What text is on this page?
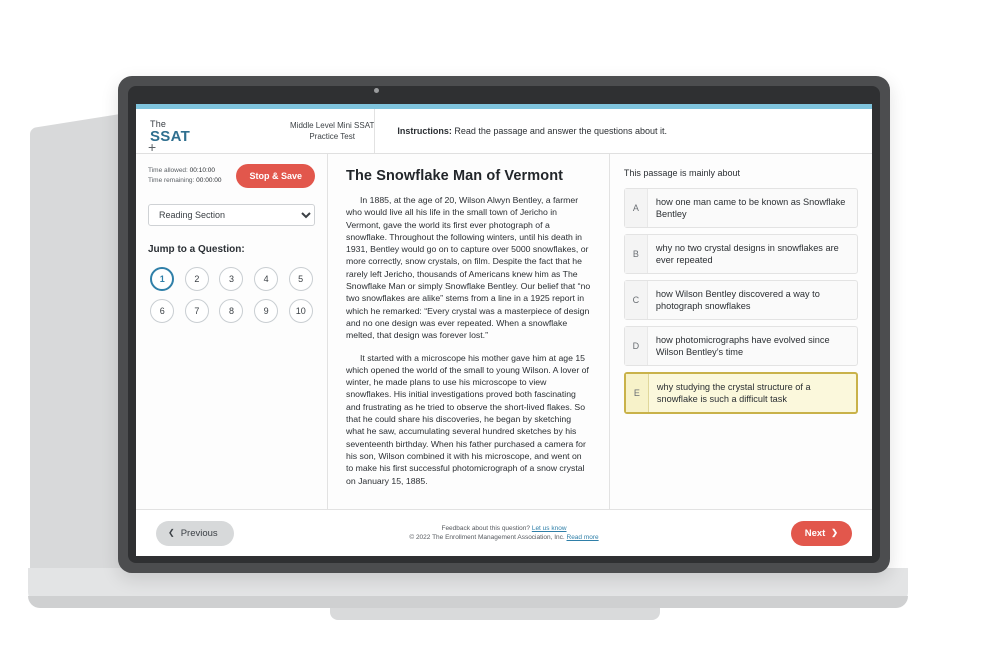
The
SSAT
+
Middle Level Mini SSAT
Practice Test
Instructions:
Read the passage and answer the questions about it.
Time allowed: 00:10:00
Time remaining: 00:00:00	Stop & Save
Reading Section
Jump to a Question:
1	2	3	4	5
6	7	8	9	10
The Snowflake Man of Vermont

In 1885, at the age of 20, Wilson Alwyn Bentley, a farmer who would live all his life in the small town of Jericho in Vermont, gave the world its first ever photograph of a snowflake. Throughout the following winters, until his death in 1931, Bentley would go on to capture over 5000 snowflakes, or more correctly, snow crystals, on film. Despite the fact that he rarely left Jericho, thousands of Americans knew him as The Snowflake Man or simply Snowflake Bentley. Our belief that “no two snowflakes are alike” stems from a line in a 1925 report in which he remarked: “Every crystal was a masterpiece of design and no one design was ever repeated. When a snowflake melted, that design was forever lost.”

It started with a microscope his mother gave him at age 15 which opened the world of the small to young Wilson. A lover of winter, he made plans to use his microscope to view snowflakes. His initial investigations proved both fascinating and frustrating as he tried to observe the short-lived flakes. So that he could share his discoveries, he began by sketching what he saw, accumulating several hundred sketches by his seventeenth birthday. When his father purchased a camera for his son, Wilson combined it with his microscope, and went on to make his first successful photomicrograph of a snow crystal on January 15, 1885.

This passage is mainly about
A
how one man came to be known as Snowflake Bentley
B
why no two crystal designs in snowflakes are ever repeated
C
how Wilson Bentley discovered a way to photograph snowflakes
D
how photomicrographs have evolved since Wilson Bentley’s time
E
why studying the crystal structure of a snowflake is such a difficult task
❮ Previous	Feedback about this question? Let us know
© 2022 The Enrollment Management Association, Inc. Read more	Next ❯
